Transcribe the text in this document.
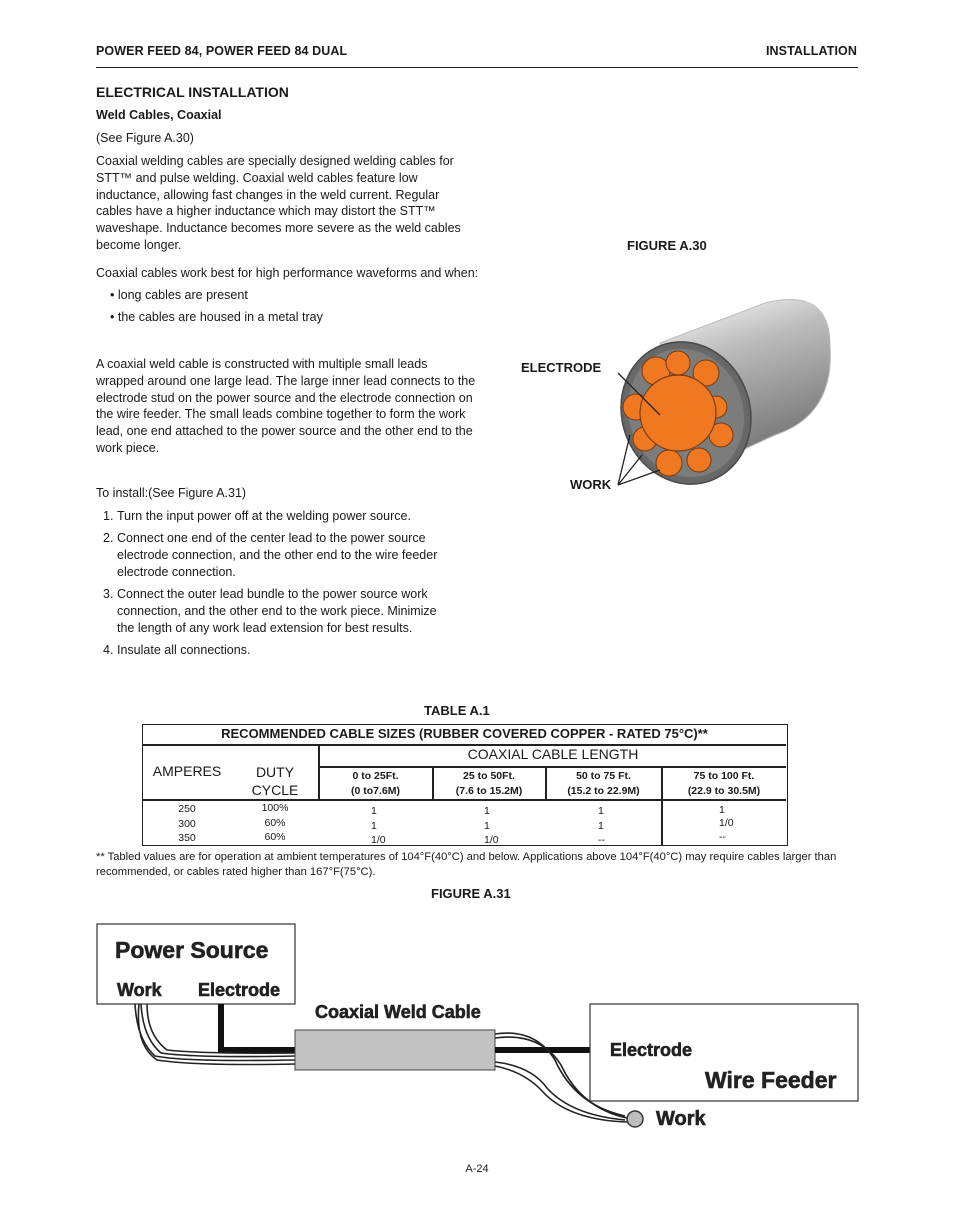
POWER FEED 84, POWER FEED 84 DUAL	INSTALLATION
ELECTRICAL INSTALLATION
Weld Cables, Coaxial
(See Figure A.30)
Coaxial welding cables are specially designed welding cables for STT™ and pulse welding. Coaxial weld cables feature low inductance, allowing fast changes in the weld current. Regular cables have a higher inductance which may distort the STT™ waveshape. Inductance becomes more severe as the weld cables become longer.
Coaxial cables work best for high performance waveforms and when:
• long cables are present
• the cables are housed in a metal tray
A coaxial weld cable is constructed with multiple small leads wrapped around one large lead. The large inner lead connects to the electrode stud on the power source and the electrode connection on the wire feeder. The small leads combine together to form the work lead, one end attached to the power source and the other end to the work piece.
To install:(See Figure A.31)
1. Turn the input power off at the welding power source.
2. Connect one end of the center lead to the power source electrode connection, and the other end to the wire feeder electrode connection.
3. Connect the outer lead bundle to the power source work connection, and the other end to the work piece. Minimize the length of any work lead extension for best results.
4. Insulate all connections.
FIGURE A.30
ELECTRODE
WORK
TABLE A.1
RECOMMENDED CABLE SIZES (RUBBER COVERED COPPER - RATED 75°C)**
COAXIAL CABLE LENGTH
AMPERES	DUTY
CYCLE
0 to 25Ft.
(0 to7.6M)
25 to 50Ft.
(7.6 to 15.2M)
50 to 75 Ft.
(15.2 to 22.9M)
75 to 100 Ft.
(22.9 to 30.5M)
250
300
350
100%
60%
60%
1
1
1/0
1
1
1/0
1
1
--
1
1/0
--
** Tabled values are for operation at ambient temperatures of 104°F(40°C) and below. Applications above 104°F(40°C) may require cables larger than recommended, or cables rated higher than 167°F(75°C).
FIGURE A.31
Power Source
Work Electrode
Coaxial Weld Cable
Electrode
Wire Feeder
Work
A-24
